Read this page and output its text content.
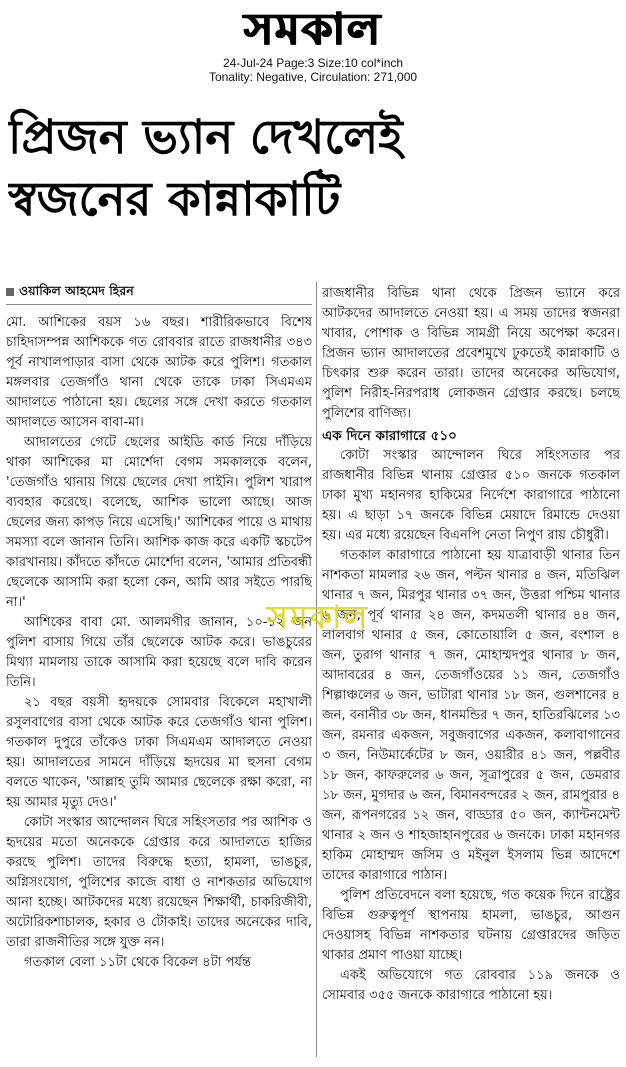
সমকাল
24-Jul-24 Page:3 Size:10 col*inch
Tonality: Negative, Circulation: 271,000
প্রিজন ভ্যান দেখলেই
স্বজনের কান্নাকাটি
ওয়াকিল আহমেদ হিরন

মো. আশিকের বয়স ১৬ বছর। শারীরিকভাবে বিশেষ চাহিদাসম্পন্ন আশিককে গত রোববার রাতে রাজধানীর ৩৪৩ পূর্ব নাখালপাড়ার বাসা থেকে আটক করে পুলিশ। গতকাল মঙ্গলবার তেজগাঁও থানা থেকে তাকে ঢাকা সিএমএম আদালতে পাঠানো হয়। ছেলের সঙ্গে দেখা করতে গতকাল আদালতে আসেন বাবা-মা।

আদালতের গেটে ছেলের আইডি কার্ড নিয়ে দাঁড়িয়ে থাকা আশিকের মা মোর্শেদা বেগম সমকালকে বলেন, 'তেজগাঁও থানায় গিয়ে ছেলের দেখা পাইনি। পুলিশ খারাপ ব্যবহার করেছে। বলেছে, আশিক ভালো আছে। আজ ছেলের জন্য কাপড় নিয়ে এসেছি।' আশিকের পায়ে ও মাথায় সমস্যা বলে জানান তিনি। আশিক কাজ করে একটি স্কচটেপ কারখানায়। কাঁদতে কাঁদতে মোর্শেদা বলেন, 'আমার প্রতিবন্ধী ছেলেকে আসামি করা হলো কেন, আমি আর সইতে পারছি না।'

আশিকের বাবা মো. আলমগীর জানান, ১০-১২ জন পুলিশ বাসায় গিয়ে তাঁর ছেলেকে আটক করে। ভাঙচুরের মিথ্যা মামলায় তাকে আসামি করা হয়েছে বলে দাবি করেন তিনি।

২১ বছর বয়সী হৃদয়কে সোমবার বিকেলে মহাখালী রসুলবাগের বাসা থেকে আটক করে তেজগাঁও থানা পুলিশ। গতকাল দুপুরে তাঁকেও ঢাকা সিএমএম আদালতে নেওয়া হয়। আদালতের সামনে দাঁড়িয়ে হৃদয়ের মা হুসনা বেগম বলতে থাকেন, 'আল্লাহ তুমি আমার ছেলেকে রক্ষা করো, না হয় আমার মৃত্যু দেও।'

কোটা সংস্কার আন্দোলন ঘিরে সহিংসতার পর আশিক ও হৃদয়ের মতো অনেককে গ্রেপ্তার করে আদালতে হাজির করছে পুলিশ। তাদের বিরুদ্ধে হত্যা, হামলা, ভাঙচুর, অগ্নিসংযোগ, পুলিশের কাজে বাধা ও নাশকতার অভিযোগ আনা হচ্ছে। আটকদের মধ্যে রয়েছেন শিক্ষার্থী, চাকরিজীবী, অটোরিকশাচালক, হকার ও টোকাই। তাদের অনেকের দাবি, তারা রাজনীতির সঙ্গে যুক্ত নন।

গতকাল বেলা ১১টা থেকে বিকেল ৪টা পর্যন্ত

রাজধানীর বিভিন্ন থানা থেকে প্রিজন ভ্যানে করে আটকদের আদালতে নেওয়া হয়। এ সময় তাদের স্বজনরা খাবার, পোশাক ও বিভিন্ন সামগ্রী নিয়ে অপেক্ষা করেন। প্রিজন ভ্যান আদালতের প্রবেশমুখে ঢুকতেই কান্নাকাটি ও চিৎকার শুরু করেন তারা। তাদের অনেকের অভিযোগ, পুলিশ নিরীহ-নিরপরাধ লোকজন গ্রেপ্তার করছে। চলছে পুলিশের বাণিজ্য।

এক দিনে কারাগারে ৫১০

কোটা সংস্কার আন্দোলন ঘিরে সহিংসতার পর রাজধানীর বিভিন্ন থানায় গ্রেপ্তার ৫১০ জনকে গতকাল ঢাকা মুখ্য মহানগর হাকিমের নির্দেশে কারাগারে পাঠানো হয়। এ ছাড়া ১৭ জনকে বিভিন্ন মেয়াদে রিমান্ডে দেওয়া হয়। এর মধ্যে রয়েছেন বিএনপি নেতা নিপুণ রায় চৌধুরী।

গতকাল কারাগারে পাঠানো হয় যাত্রাবাড়ী থানার তিন নাশকতা মামলার ২৬ জন, পল্টন থানার ৪ জন, মতিঝিল থানার ৭ জন, মিরপুর থানার ৩৭ জন, উত্তরা পশ্চিম থানার ৬ জন, পূর্ব থানার ২৪ জন, কদমতলী থানার ৪৪ জন, লালবাগ থানার ৫ জন, কোতোয়ালি ৫ জন, বংশাল ৪ জন, তুরাগ থানার ৭ জন, মোহাম্মদপুর থানার ৮ জন, আদাবরের ৪ জন, তেজগাঁওয়ের ১১ জন, তেজগাঁও শিল্পাঞ্চলের ৬ জন, ভাটারা থানার ১৮ জন, গুলশানের ৪ জন, বনানীর ৩৮ জন, ধানমন্ডির ৭ জন, হাতিরঝিলের ১৩ জন, রমনার একজন, সবুজবাগের একজন, কলাবাগানের ৩ জন, নিউমার্কেটের ৮ জন, ওয়ারীর ৪১ জন, পল্লবীর ১৮ জন, কাফরুলের ৬ জন, সূত্রাপুরের ৫ জন, ডেমরার ১৮ জন, মুগদার ৬ জন, বিমানবন্দরের ২ জন, রামপুরার ৪ জন, রূপনগরের ১২ জন, বাড্ডার ৫০ জন, ক্যান্টনমেন্ট থানার ২ জন ও শাহজাহানপুরের ৬ জনকে। ঢাকা মহানগর হাকিম মোহাম্মদ জসিম ও মইনুল ইসলাম ভিন্ন আদেশে তাদের কারাগারে পাঠান।

পুলিশ প্রতিবেদনে বলা হয়েছে, গত কয়েক দিনে রাষ্ট্রের বিভিন্ন গুরুত্বপূর্ণ স্থাপনায় হামলা, ভাঙচুর, আগুন দেওয়াসহ বিভিন্ন নাশকতার ঘটনায় গ্রেপ্তারদের জড়িত থাকার প্রমাণ পাওয়া যাচ্ছে।

একই অভিযোগে গত রোববার ১১৯ জনকে ও সোমবার ৩৫৫ জনকে কারাগারে পাঠানো হয়।

সমকাল
